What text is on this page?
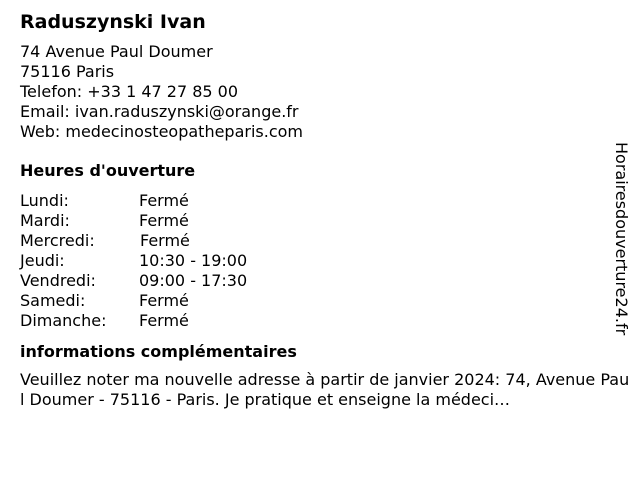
Raduszynski Ivan
74 Avenue Paul Doumer
75116 Paris
Telefon: +33 1 47 27 85 00
Email: ivan.raduszynski@orange.fr
Web: medecinosteopatheparis.com
Heures d'ouverture
Lundi:	Fermé
Mardi:	Fermé
Mercredi:	Fermé
Jeudi:	10:30 - 19:00
Vendredi:	09:00 - 17:30
Samedi:	Fermé
Dimanche:	Fermé
informations complémentaires
Veuillez noter ma nouvelle adresse à partir de janvier 2024: 74, Avenue Paul Doumer - 75116 - Paris. Je pratique et enseigne la médeci…
Horairesdouverture24.fr
